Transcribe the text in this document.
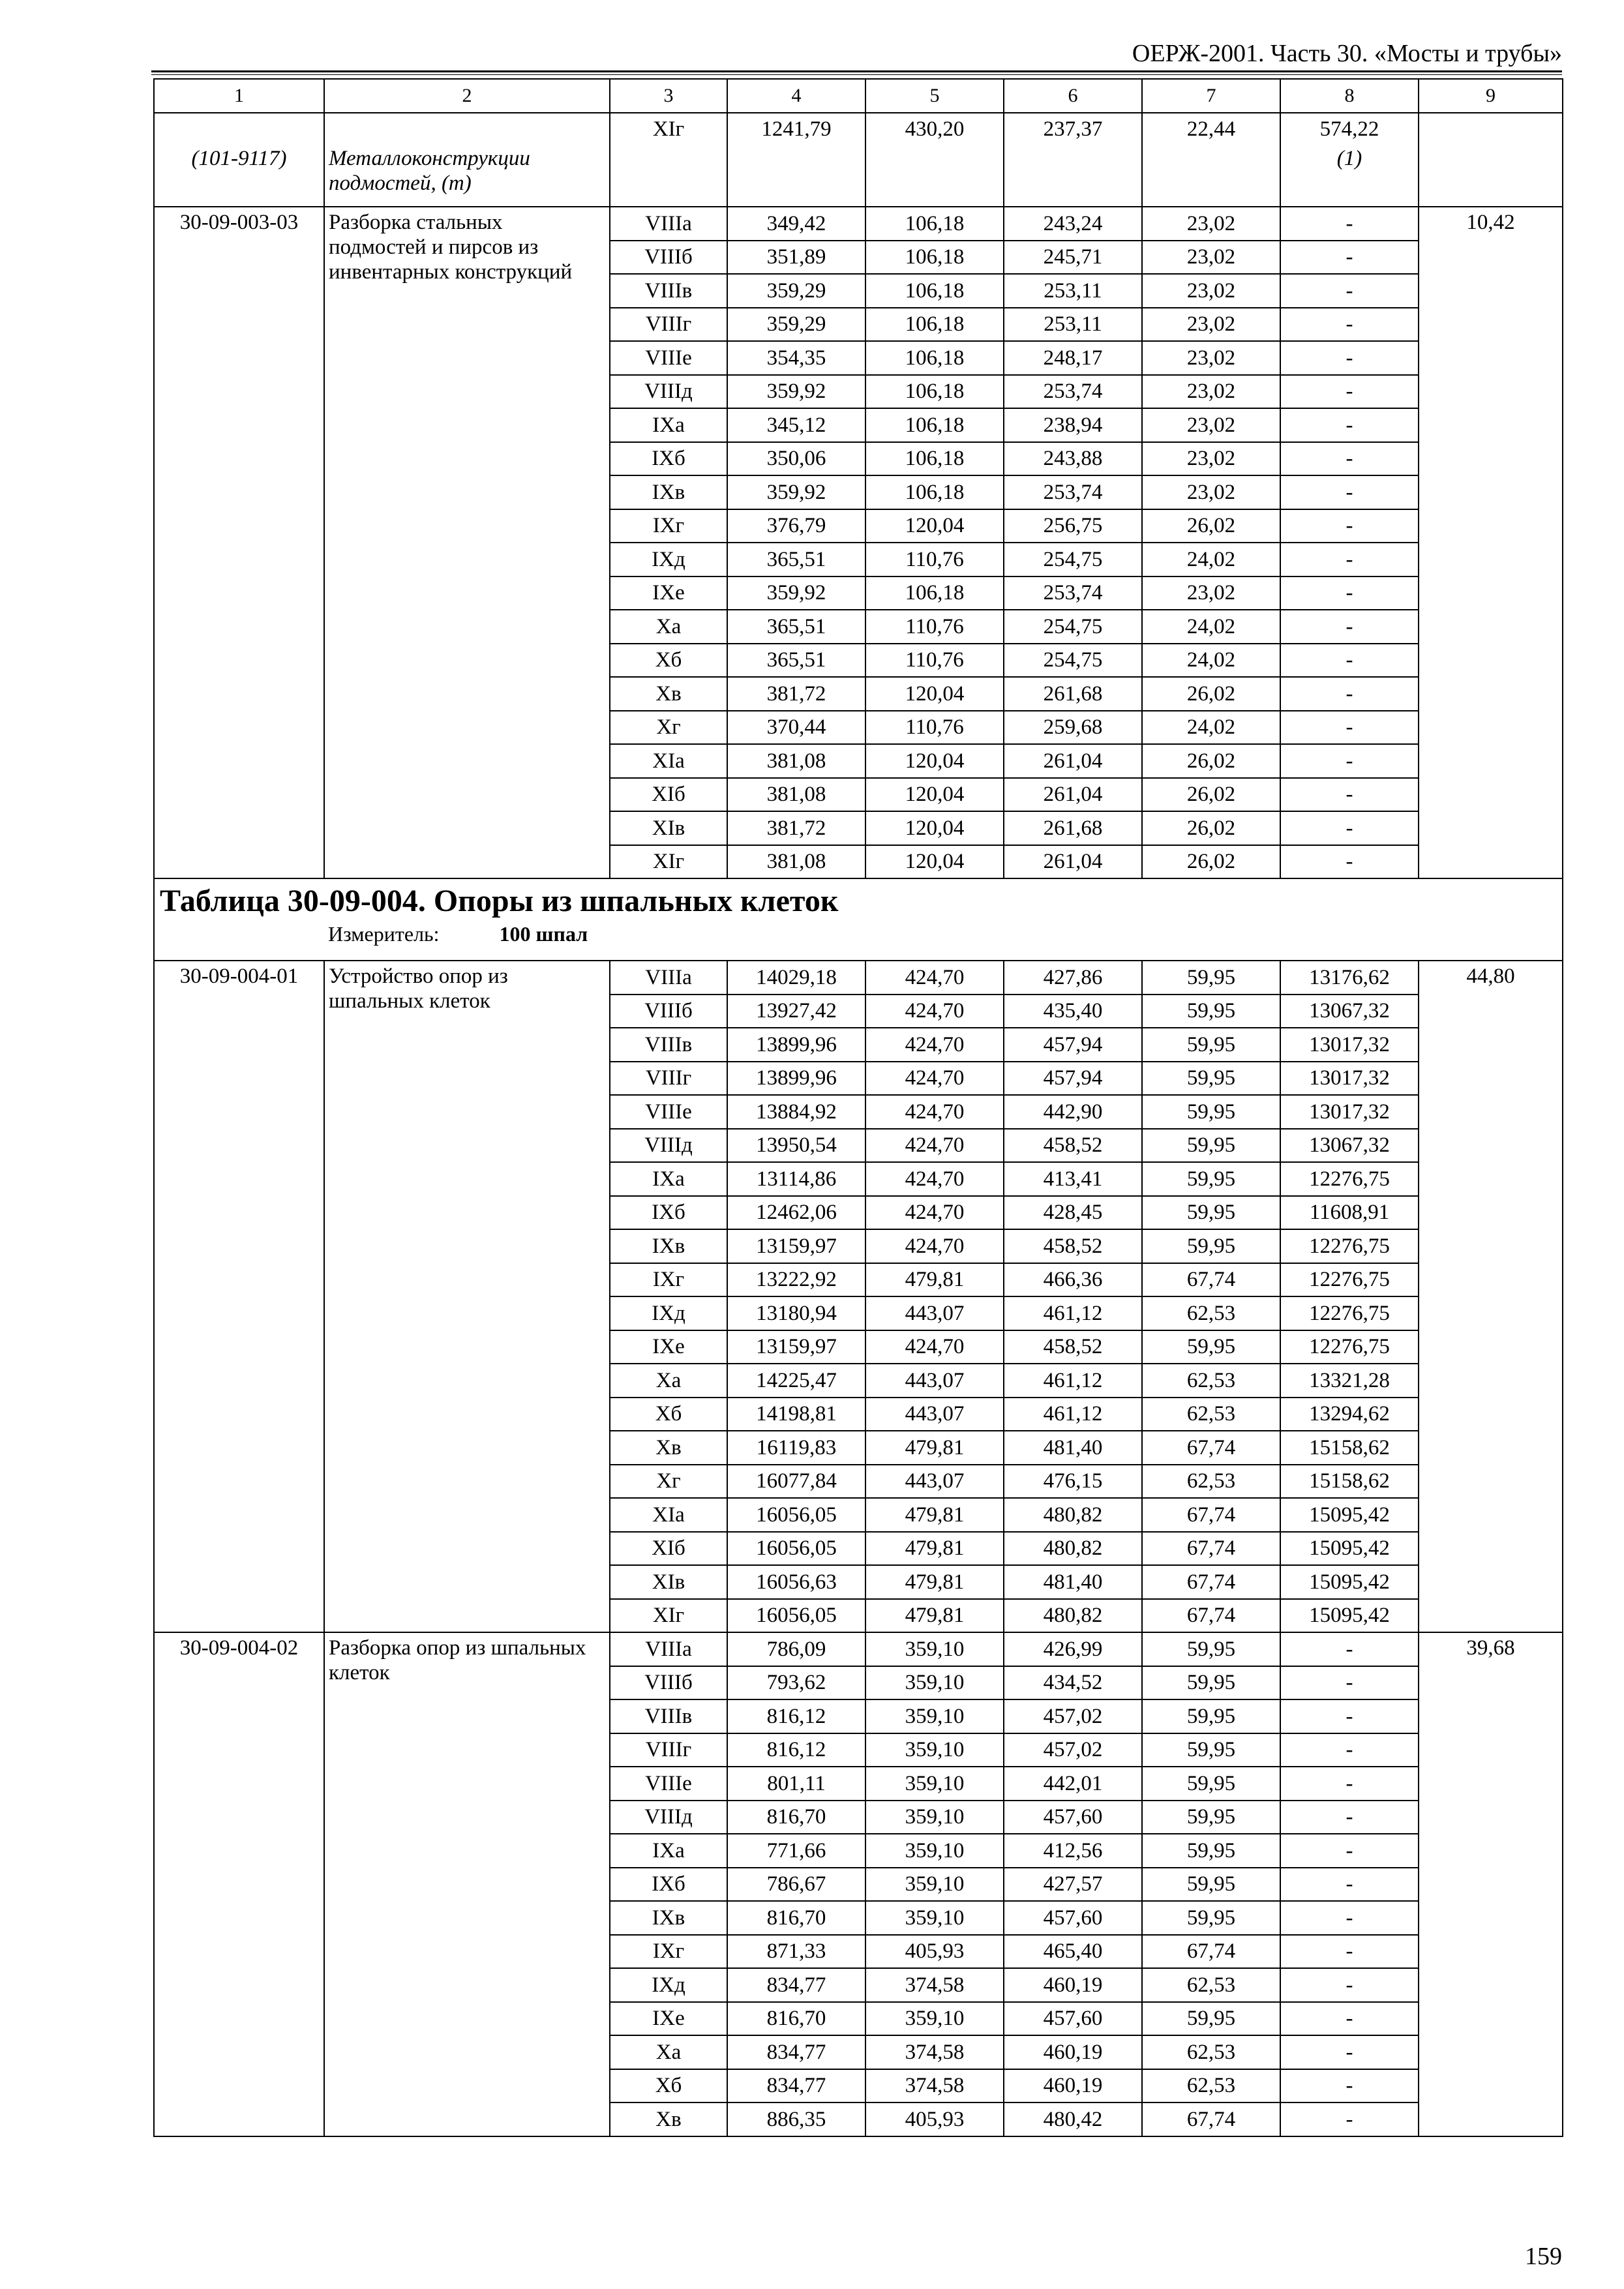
ОЕРЖ-2001. Часть 30. «Мосты и трубы»
1	2	3	4	5	6	7	8	9
		XIг	1241,79	430,20	237,37	22,44	574,22	
(101-9117)	Металлоконструкции подмостей, (т)						(1)	
30-09-003-03	Разборка стальных подмостей и пирсов из инвентарных конструкций	VIIIа	349,42	106,18	243,24	23,02	-	10,42
		VIIIб	351,89	106,18	245,71	23,02	-	
		VIIIв	359,29	106,18	253,11	23,02	-	
		VIIIг	359,29	106,18	253,11	23,02	-	
		VIIIе	354,35	106,18	248,17	23,02	-	
		VIIIд	359,92	106,18	253,74	23,02	-	
		IXа	345,12	106,18	238,94	23,02	-	
		IXб	350,06	106,18	243,88	23,02	-	
		IXв	359,92	106,18	253,74	23,02	-	
		IXг	376,79	120,04	256,75	26,02	-	
		IXд	365,51	110,76	254,75	24,02	-	
		IXе	359,92	106,18	253,74	23,02	-	
		Xа	365,51	110,76	254,75	24,02	-	
		Xб	365,51	110,76	254,75	24,02	-	
		Xв	381,72	120,04	261,68	26,02	-	
		Xг	370,44	110,76	259,68	24,02	-	
		XIа	381,08	120,04	261,04	26,02	-	
		XIб	381,08	120,04	261,04	26,02	-	
		XIв	381,72	120,04	261,68	26,02	-	
		XIг	381,08	120,04	261,04	26,02	-	

Таблица 30-09-004. Опоры из шпальных клеток
Измеритель: 100 шпал								

30-09-004-01	Устройство опор из шпальных клеток	VIIIа	14029,18	424,70	427,86	59,95	13176,62	44,80
		VIIIб	13927,42	424,70	435,40	59,95	13067,32	
		VIIIв	13899,96	424,70	457,94	59,95	13017,32	
		VIIIг	13899,96	424,70	457,94	59,95	13017,32	
		VIIIе	13884,92	424,70	442,90	59,95	13017,32	
		VIIIд	13950,54	424,70	458,52	59,95	13067,32	
		IXа	13114,86	424,70	413,41	59,95	12276,75	
		IXб	12462,06	424,70	428,45	59,95	11608,91	
		IXв	13159,97	424,70	458,52	59,95	12276,75	
		IXг	13222,92	479,81	466,36	67,74	12276,75	
		IXд	13180,94	443,07	461,12	62,53	12276,75	
		IXе	13159,97	424,70	458,52	59,95	12276,75	
		Xа	14225,47	443,07	461,12	62,53	13321,28	
		Xб	14198,81	443,07	461,12	62,53	13294,62	
		Xв	16119,83	479,81	481,40	67,74	15158,62	
		Xг	16077,84	443,07	476,15	62,53	15158,62	
		XIа	16056,05	479,81	480,82	67,74	15095,42	
		XIб	16056,05	479,81	480,82	67,74	15095,42	
		XIв	16056,63	479,81	481,40	67,74	15095,42	
		XIг	16056,05	479,81	480,82	67,74	15095,42	
30-09-004-02	Разборка опор из шпальных клеток	VIIIа	786,09	359,10	426,99	59,95	-	39,68
		VIIIб	793,62	359,10	434,52	59,95	-	
		VIIIв	816,12	359,10	457,02	59,95	-	
		VIIIг	816,12	359,10	457,02	59,95	-	
		VIIIе	801,11	359,10	442,01	59,95	-	
		VIIIд	816,70	359,10	457,60	59,95	-	
		IXа	771,66	359,10	412,56	59,95	-	
		IXб	786,67	359,10	427,57	59,95	-	
		IXв	816,70	359,10	457,60	59,95	-	
		IXг	871,33	405,93	465,40	67,74	-	
		IXд	834,77	374,58	460,19	62,53	-	
		IXе	816,70	359,10	457,60	59,95	-	
		Xа	834,77	374,58	460,19	62,53	-	
		Xб	834,77	374,58	460,19	62,53	-	
		Xв	886,35	405,93	480,42	67,74	-	
159
